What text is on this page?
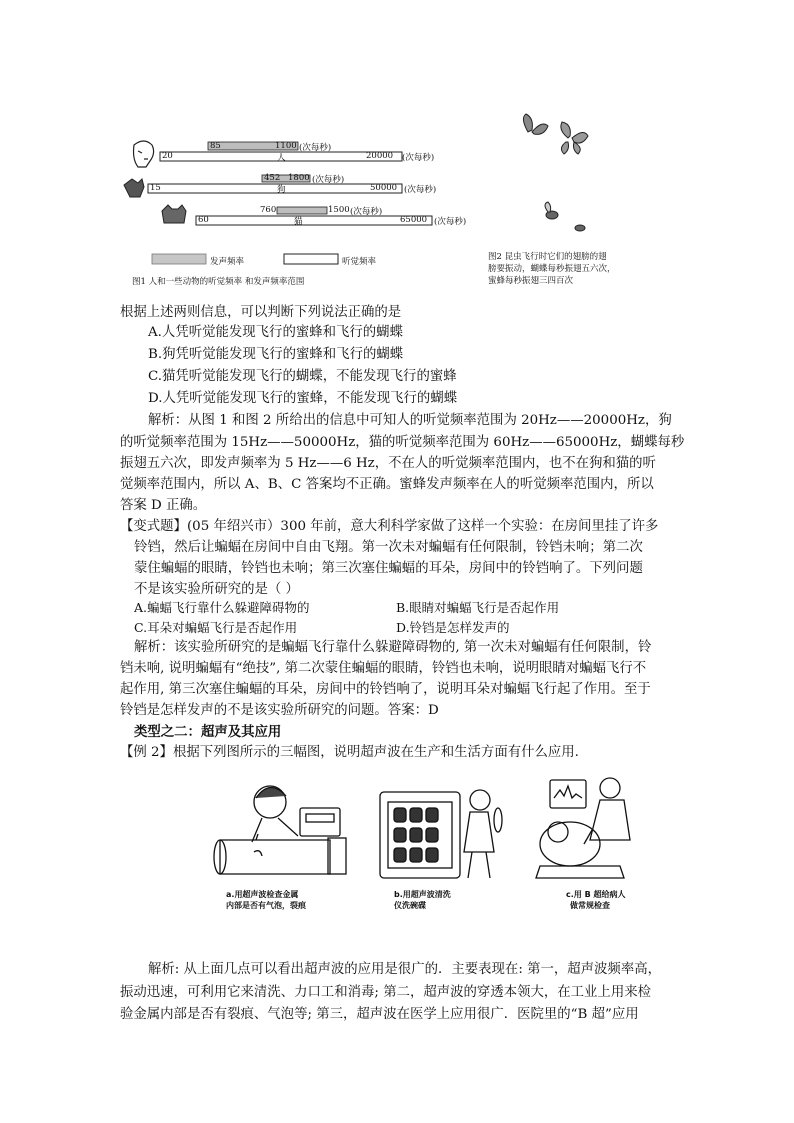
85	1100 (次每秒)
20	人	20000 (次每秒)
452 1800 (次每秒)
15	狗	50000 (次每秒)
760	1500 (次每秒)
60	猫	65000 (次每秒)
发声频率	听觉频率
图1 人和一些动物的听觉频率 和发声频率范围
图2 昆虫飞行时它们的翅膀的翅
膀要振动，蝴蝶每秒振翅五六次，
蜜蜂每秒振翅三四百次
根据上述两则信息，可以判断下列说法正确的是
A.人凭听觉能发现飞行的蜜蜂和飞行的蝴蝶
B.狗凭听觉能发现飞行的蜜蜂和飞行的蝴蝶
C.猫凭听觉能发现飞行的蝴蝶，不能发现飞行的蜜蜂
D.人凭听觉能发现飞行的蜜蜂，不能发现飞行的蝴蝶
解析：从图 1 和图 2 所给出的信息中可知人的听觉频率范围为 20Hz——20000Hz，狗
的听觉频率范围为 15Hz——50000Hz，猫的听觉频率范围为 60Hz——65000Hz，蝴蝶每秒
振翅五六次，即发声频率为 5 Hz——6 Hz，不在人的听觉频率范围内，也不在狗和猫的听
觉频率范围内，所以 A、B、C 答案均不正确。蜜蜂发声频率在人的听觉频率范围内，所以
答案 D 正确。
【变式题】(05 年绍兴市）300 年前，意大利科学家做了这样一个实验：在房间里挂了许多
铃铛，然后让蝙蝠在房间中自由飞翔。第一次未对蝙蝠有任何限制，铃铛未响；第二次
蒙住蝙蝠的眼睛，铃铛也未响；第三次塞住蝙蝠的耳朵，房间中的铃铛响了。下列问题
不是该实验所研究的是（ ）
A.蝙蝠飞行靠什么躲避障碍物的	B.眼睛对蝙蝠飞行是否起作用
C.耳朵对蝙蝠飞行是否起作用	D.铃铛是怎样发声的
解析：该实验所研究的是蝙蝠飞行靠什么躲避障碍物的, 第一次未对蝙蝠有任何限制，铃
铛未响, 说明蝙蝠有“绝技”, 第二次蒙住蝙蝠的眼睛，铃铛也未响，说明眼睛对蝙蝠飞行不
起作用, 第三次塞住蝙蝠的耳朵，房间中的铃铛响了，说明耳朵对蝙蝠飞行起了作用。至于
铃铛是怎样发声的不是该实验所研究的问题。答案：D
类型之二：超声及其应用
【例 2】根据下列图所示的三幅图，说明超声波在生产和生活方面有什么应用.
a.用超声波检查金属
内部是否有气泡，裂痕
b.用超声波清洗
仪洗碗碟
c.用 B 超给病人
做常规检查
解析: 从上面几点可以看出超声波的应用是很广的．主要表现在: 第一，超声波频率高，
振动迅速，可利用它来清洗、力口工和消毒; 第二，超声波的穿透本领大，在工业上用来检
验金属内部是否有裂痕、气泡等; 第三，超声波在医学上应用很广．医院里的“B 超”应用
